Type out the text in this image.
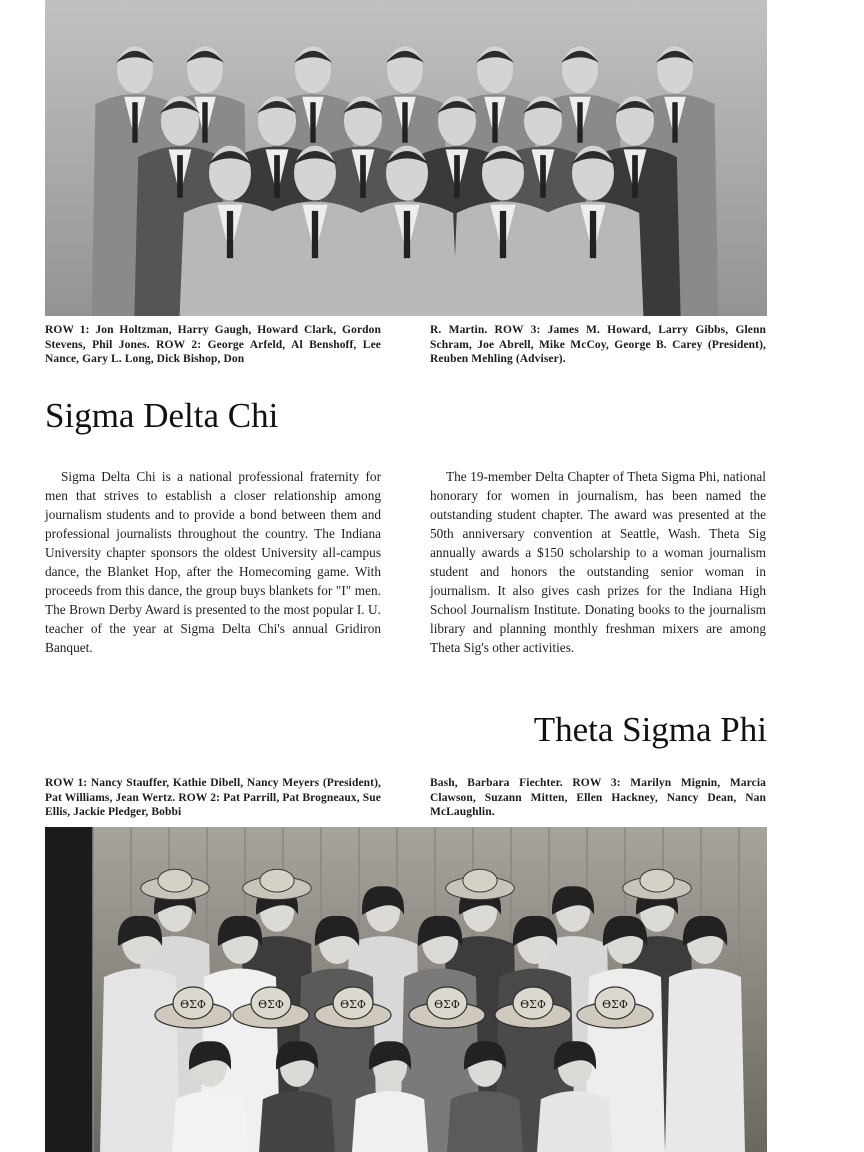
ROW 1: Jon Holtzman, Harry Gaugh, Howard Clark, Gordon Stevens, Phil Jones. ROW 2: George Arfeld, Al Benshoff, Lee Nance, Gary L. Long, Dick Bishop, Don
R. Martin. ROW 3: James M. Howard, Larry Gibbs, Glenn Schram, Joe Abrell, Mike McCoy, George B. Carey (President), Reuben Mehling (Adviser).
Sigma Delta Chi

Sigma Delta Chi is a national professional fraternity for men that strives to establish a closer relationship among journalism students and to provide a bond between them and professional journalists throughout the country. The Indiana University chapter sponsors the oldest University all-campus dance, the Blanket Hop, after the Homecoming game. With proceeds from this dance, the group buys blankets for "I" men. The Brown Derby Award is presented to the most popular I. U. teacher of the year at Sigma Delta Chi's annual Gridiron Banquet.

The 19-member Delta Chapter of Theta Sigma Phi, national honorary for women in journalism, has been named the outstanding student chapter. The award was presented at the 50th anniversary convention at Seattle, Wash. Theta Sig annually awards a $150 scholarship to a woman journalism student and honors the outstanding senior woman in journalism. It also gives cash prizes for the Indiana High School Journalism Institute. Donating books to the journalism library and planning monthly freshman mixers are among Theta Sig's other activities.

Theta Sigma Phi
ROW 1: Nancy Stauffer, Kathie Dibell, Nancy Meyers (President), Pat Williams, Jean Wertz. ROW 2: Pat Parrill, Pat Brogneaux, Sue Ellis, Jackie Pledger, Bobbi
Bash, Barbara Fiechter. ROW 3: Marilyn Mignin, Marcia Clawson, Suzann Mitten, Ellen Hackney, Nancy Dean, Nan McLaughlin.
ΘΣΦ	ΘΣΦ	ΘΣΦ	ΘΣΦ	ΘΣΦ	ΘΣΦ
